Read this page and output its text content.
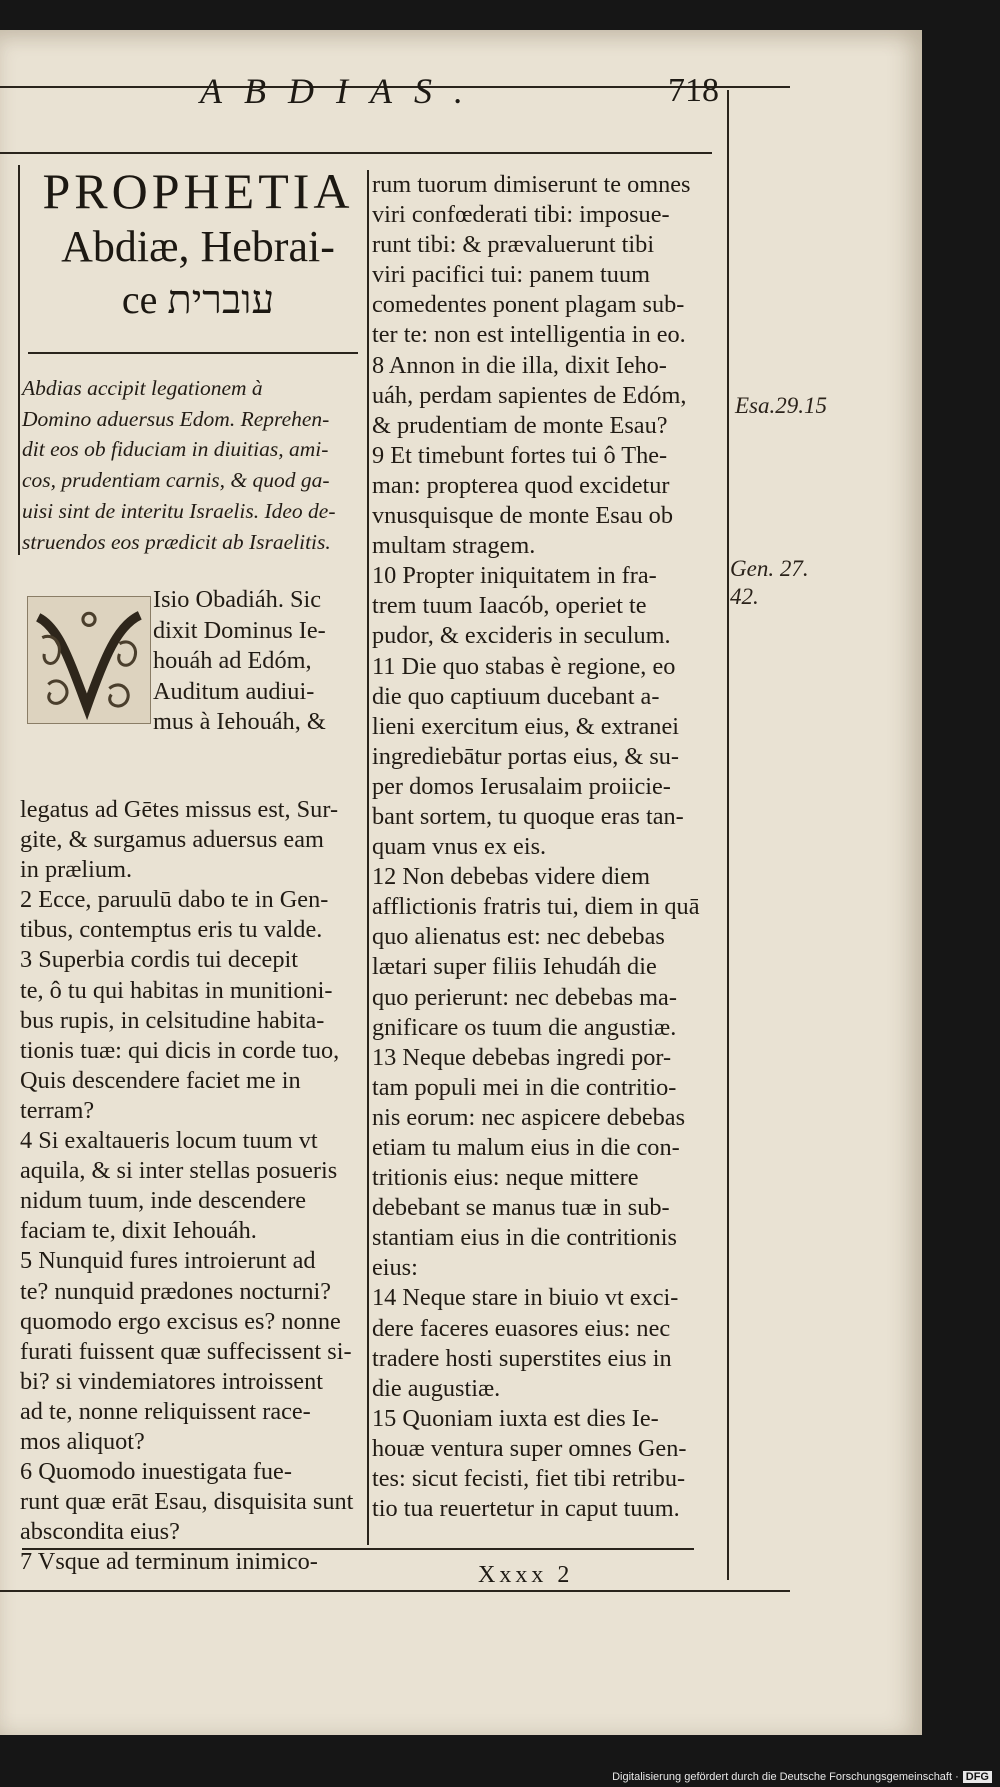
ABDIAS.	718
PROPHETIA
Abdiæ, Hebrai-
ce עוברית
Abdias accipit legationem à
Domino aduersus Edom. Reprehen-
dit eos ob fiduciam in diuitias, ami-
cos, prudentiam carnis, & quod ga-
uisi sint de interitu Israelis. Ideo de-
struendos eos prædicit ab Israelitis.
Isio Obadiáh. Sic
dixit Dominus Ie-
houáh ad Edóm,
Auditum audiui-
mus à Iehouáh, &
legatus ad Gētes missus est, Sur-
gite, & surgamus aduersus eam
in prælium.
2 Ecce, paruulū dabo te in Gen-
tibus, contemptus eris tu valde.
3 Superbia cordis tui decepit
te, ô tu qui habitas in munitioni-
bus rupis, in celsitudine habita-
tionis tuæ: qui dicis in corde tuo,
Quis descendere faciet me in
terram?
4 Si exaltaueris locum tuum vt
aquila, & si inter stellas posueris
nidum tuum, inde descendere
faciam te, dixit Iehouáh.
5 Nunquid fures introierunt ad
te? nunquid prædones nocturni?
quomodo ergo excisus es? nonne
furati fuissent quæ suffecissent si-
bi? si vindemiatores introissent
ad te, nonne reliquissent race-
mos aliquot?
6 Quomodo inuestigata fue-
runt quæ erāt Esau, disquisita sunt
abscondita eius?
7 Vsque ad terminum inimico-
rum tuorum dimiserunt te omnes
viri confœderati tibi: imposue-
runt tibi: & prævaluerunt tibi
viri pacifici tui: panem tuum
comedentes ponent plagam sub-
ter te: non est intelligentia in eo.
8 Annon in die illa, dixit Ieho-
uáh, perdam sapientes de Edóm,
& prudentiam de monte Esau?
9 Et timebunt fortes tui ô The-
man: propterea quod excidetur
vnusquisque de monte Esau ob
multam stragem.
10 Propter iniquitatem in fra-
trem tuum Iaacób, operiet te
pudor, & excideris in seculum.
11 Die quo stabas è regione, eo
die quo captiuum ducebant a-
lieni exercitum eius, & extranei
ingrediebātur portas eius, & su-
per domos Ierusalaim proiicie-
bant sortem, tu quoque eras tan-
quam vnus ex eis.
12 Non debebas videre diem
afflictionis fratris tui, diem in quā
quo alienatus est: nec debebas
lætari super filiis Iehudáh die
quo perierunt: nec debebas ma-
gnificare os tuum die angustiæ.
13 Neque debebas ingredi por-
tam populi mei in die contritio-
nis eorum: nec aspicere debebas
etiam tu malum eius in die con-
tritionis eius: neque mittere
debebant se manus tuæ in sub-
stantiam eius in die contritionis
eius:
14 Neque stare in biuio vt exci-
dere faceres euasores eius: nec
tradere hosti superstites eius in
die augustiæ.
15 Quoniam iuxta est dies Ie-
houæ ventura super omnes Gen-
tes: sicut fecisti, fiet tibi retribu-
tio tua reuertetur in caput tuum.
Esa.29.15
Gen. 27.
42.
Xxxx 2
Digitalisierung gefördert durch die Deutsche Forschungsgemeinschaft · DFG
